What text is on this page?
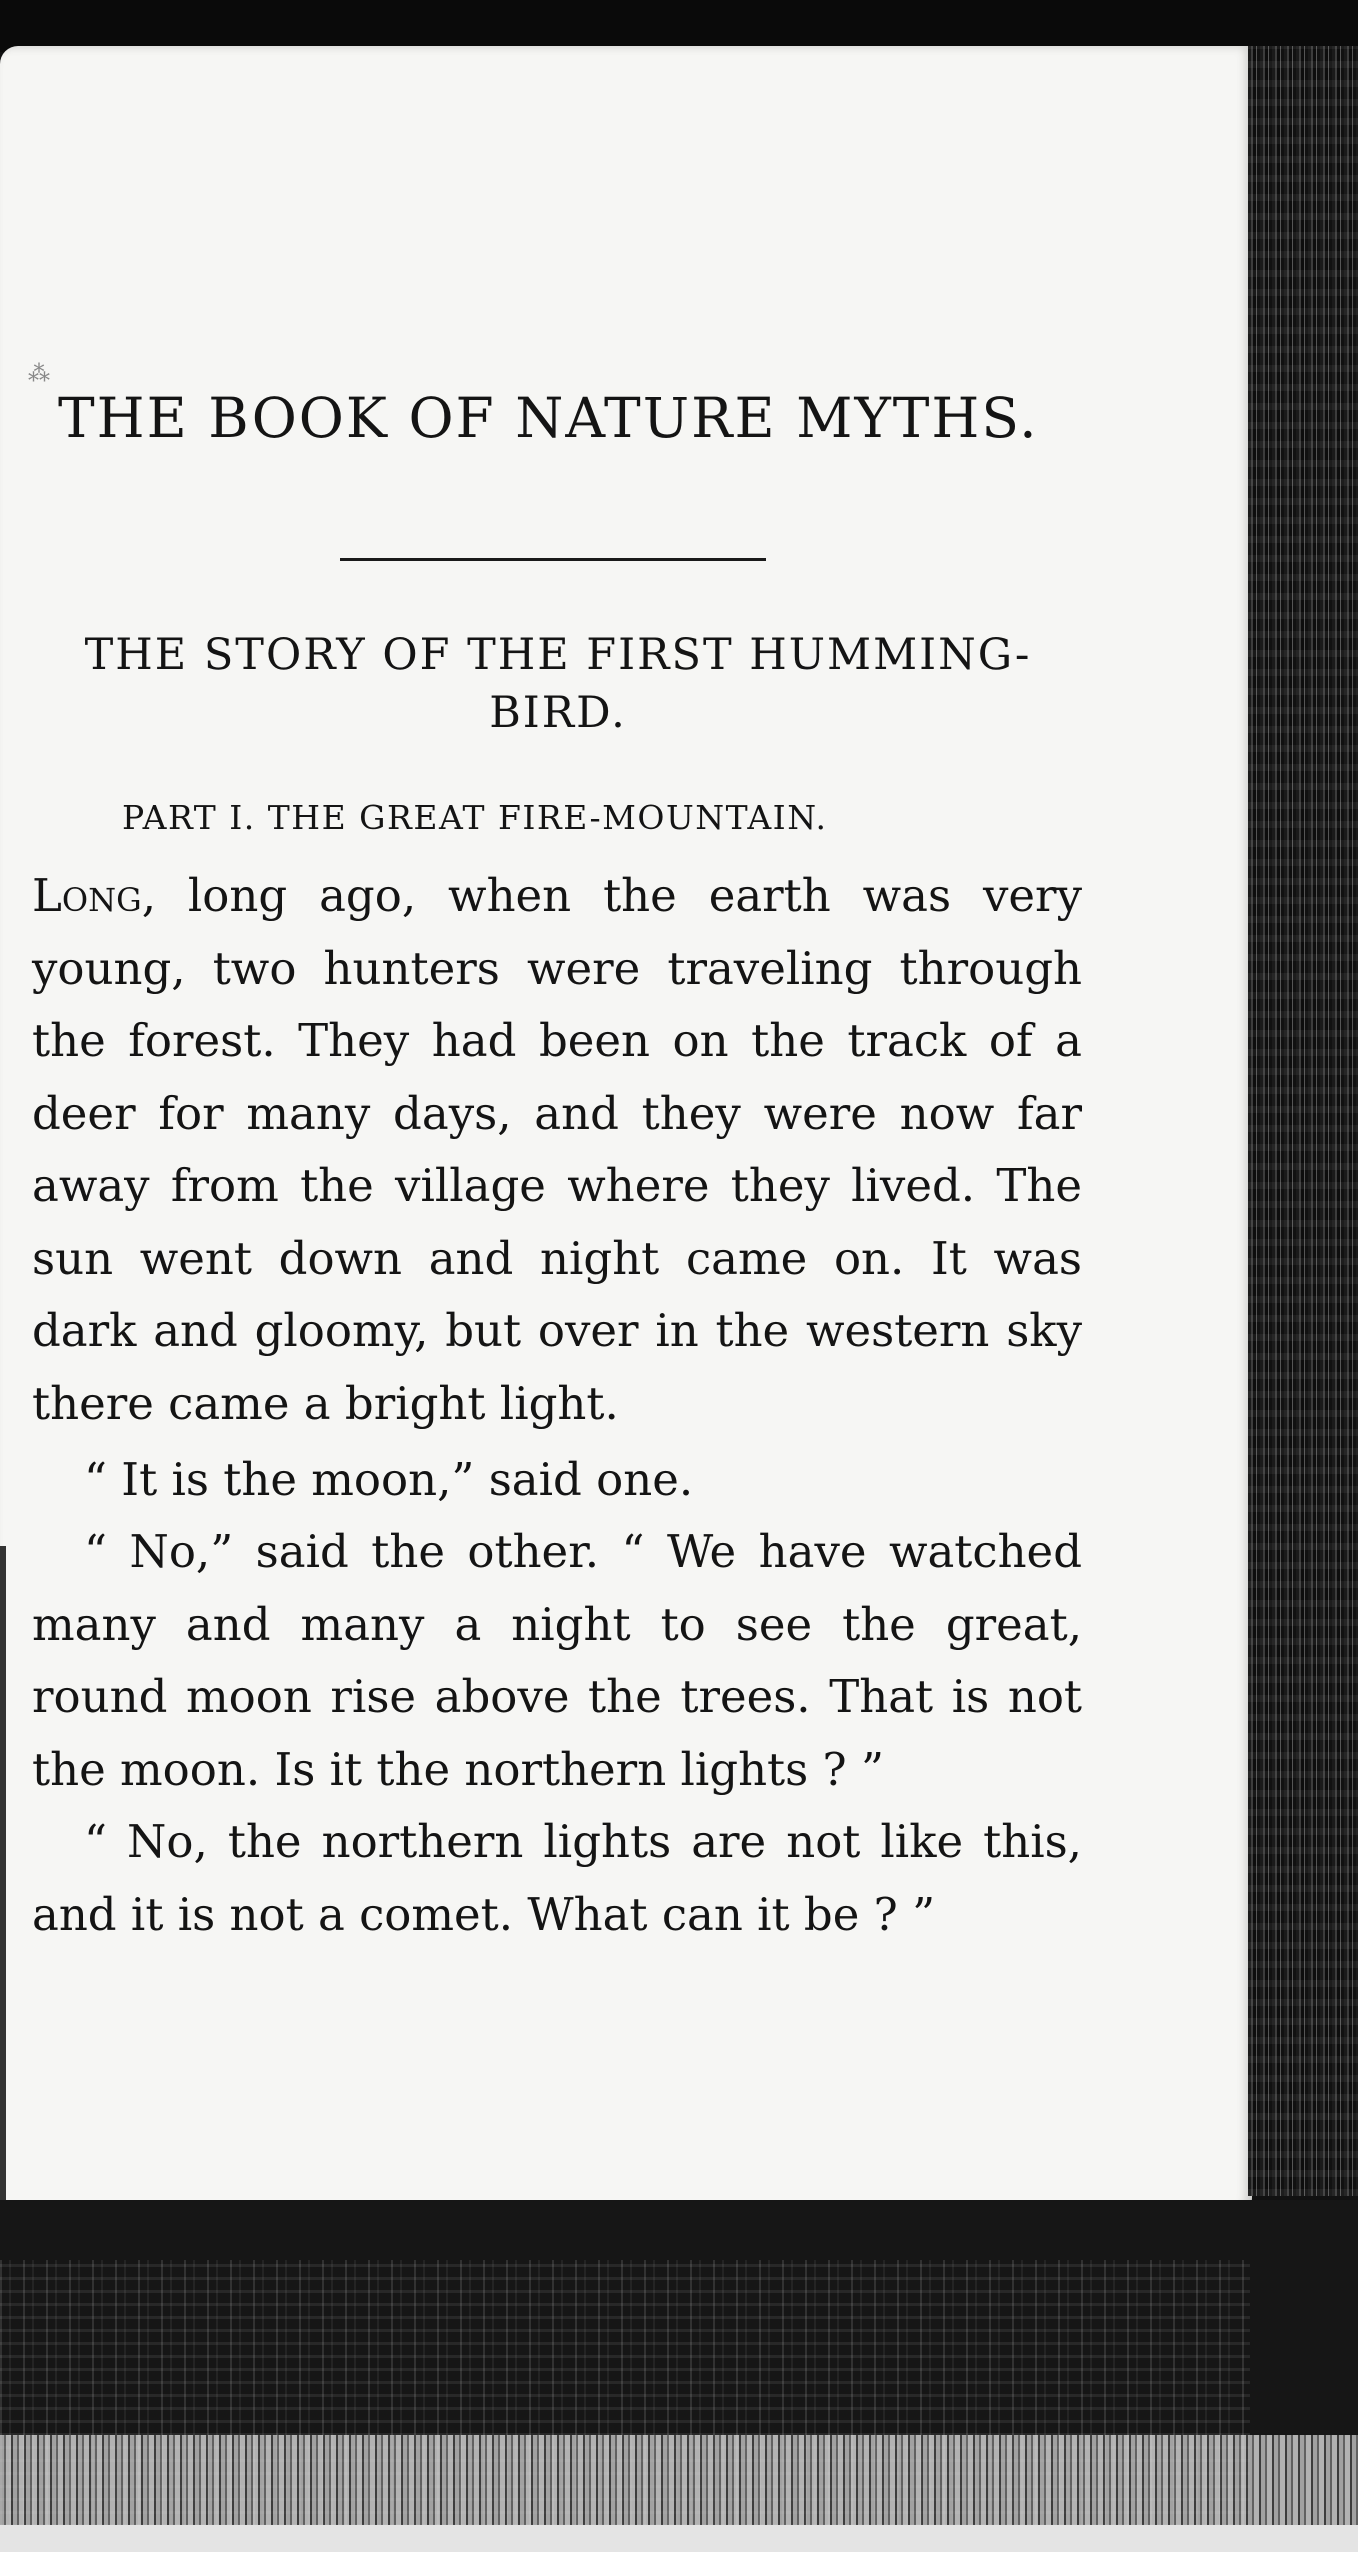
⁂
THE BOOK OF NATURE MYTHS.
THE STORY OF THE FIRST HUMMING-BIRD.
PART I. THE GREAT FIRE-MOUNTAIN.

Long, long ago, when the earth was very young, two hunters were traveling through the forest. They had been on the track of a deer for many days, and they were now far away from the village where they lived. The sun went down and night came on. It was dark and gloomy, but over in the western sky there came a bright light.

“ It is the moon,” said one.

“ No,” said the other. “ We have watched many and many a night to see the great, round moon rise above the trees. That is not the moon. Is it the northern lights ? ”

“ No, the northern lights are not like this, and it is not a comet. What can it be ? ”
